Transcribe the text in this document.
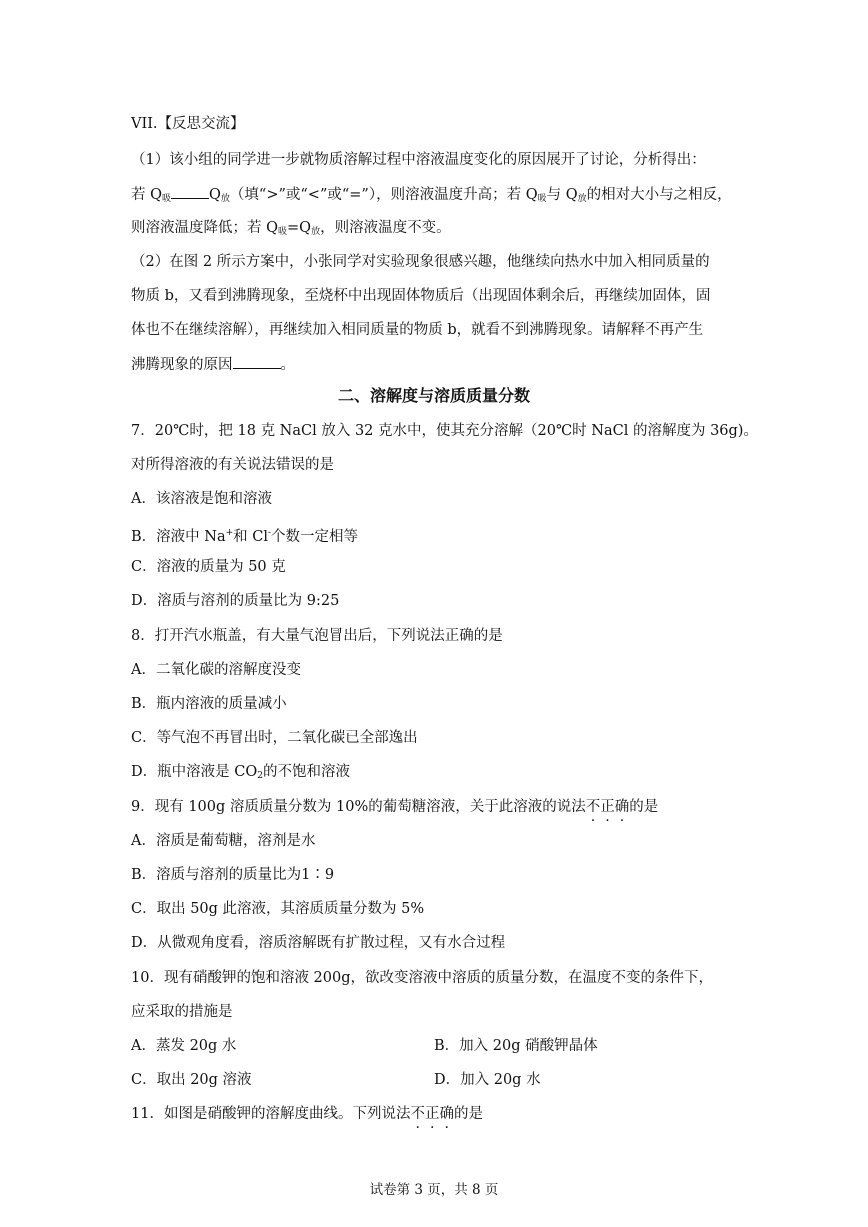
VII.【反思交流】
（1）该小组的同学进一步就物质溶解过程中溶液温度变化的原因展开了讨论，分析得出：
若 $Q_吸$	$Q_放$（填“>”或“<”或“=”），则溶液温度升高；若 $Q_吸$与 $Q_放$的相对大小与之相反，
则溶液温度降低；若 $Q_吸=Q_放$，则溶液温度不变。
（2）在图 2 所示方案中，小张同学对实验现象很感兴趣，他继续向热水中加入相同质量的
物质 b，又看到沸腾现象，至烧杯中出现固体物质后（出现固体剩余后，再继续加固体，固
体也不在继续溶解），再继续加入相同质量的物质 b，就看不到沸腾现象。请解释不再产生
沸腾现象的原因	。
二、溶解度与溶质质量分数
7．20℃时，把 18 克 NaCl 放入 32 克水中，使其充分溶解（20℃时 NaCl 的溶解度为 36g)。
对所得溶液的有关说法错误的是
A．该溶液是饱和溶液
B．溶液中 Na+和 Cl-个数一定相等
C．溶液的质量为 50 克
D．溶质与溶剂的质量比为 9:25
8．打开汽水瓶盖，有大量气泡冒出后，下列说法正确的是
A．二氧化碳的溶解度没变
B．瓶内溶液的质量减小
C．等气泡不再冒出时，二氧化碳已全部逸出
D．瓶中溶液是 $CO_2$的不饱和溶液
9．现有 100g 溶质质量分数为 10%的葡萄糖溶液，关于此溶液的说法不正确的是
A．溶质是葡萄糖，溶剂是水
B．溶质与溶剂的质量比为1∶9
C．取出 50g 此溶液，其溶质质量分数为 5%
D．从微观角度看，溶质溶解既有扩散过程，又有水合过程
10．现有硝酸钾的饱和溶液 200g，欲改变溶液中溶质的质量分数，在温度不变的条件下，
应采取的措施是
A．蒸发 20g 水	B．加入 20g 硝酸钾晶体
C．取出 20g 溶液	D．加入 20g 水
11．如图是硝酸钾的溶解度曲线。下列说法不正确的是
试卷第 3 页，共 8 页
